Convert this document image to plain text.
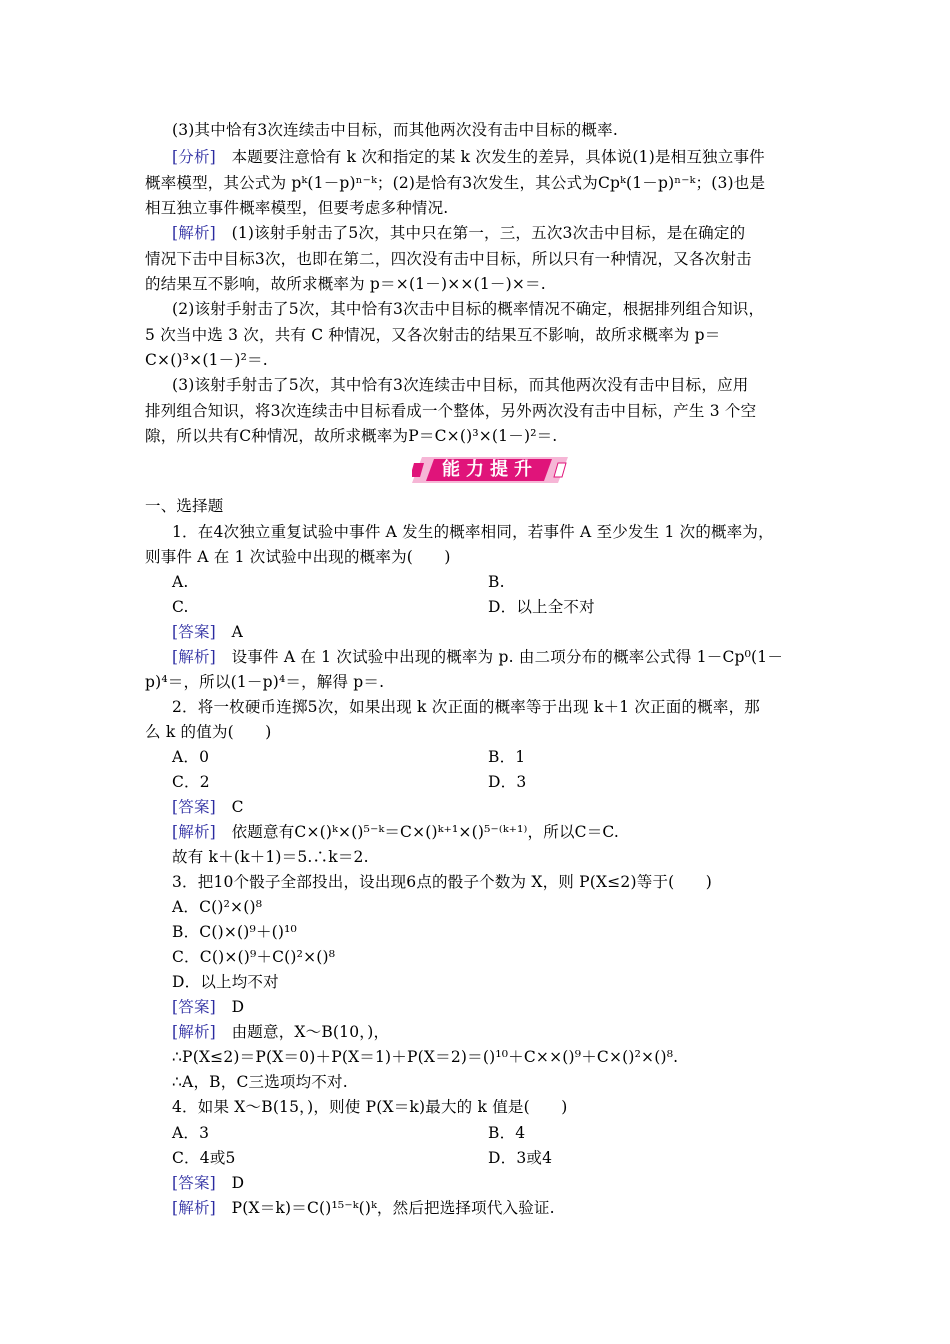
(3)其中恰有3次连续击中目标，而其他两次没有击中目标的概率.
[分析]　本题要注意恰有 k 次和指定的某 k 次发生的差异，具体说(1)是相互独立事件
概率模型，其公式为 pᵏ(1－p)ⁿ⁻ᵏ；(2)是恰有3次发生，其公式为Cpᵏ(1－p)ⁿ⁻ᵏ；(3)也是
相互独立事件概率模型，但要考虑多种情况.
[解析]　(1)该射手射击了5次，其中只在第一，三，五次3次击中目标，是在确定的
情况下击中目标3次，也即在第二，四次没有击中目标，所以只有一种情况，又各次射击
的结果互不影响，故所求概率为 p＝×(1－)××(1－)×＝.
(2)该射手射击了5次，其中恰有3次击中目标的概率情况不确定，根据排列组合知识，
5 次当中选 3 次，共有 C 种情况，又各次射击的结果互不影响，故所求概率为 p＝
C×()³×(1－)²＝.
(3)该射手射击了5次，其中恰有3次连续击中目标，而其他两次没有击中目标，应用
排列组合知识，将3次连续击中目标看成一个整体，另外两次没有击中目标，产生 3 个空
隙，所以共有C种情况，故所求概率为P＝C×()³×(1－)²＝.
能力提升
一、选择题
1．在4次独立重复试验中事件 A 发生的概率相同，若事件 A 至少发生 1 次的概率为，
则事件 A 在 1 次试验中出现的概率为(　　)
A.	B.
C.	D．以上全不对
[答案]　A
[解析]　设事件 A 在 1 次试验中出现的概率为 p. 由二项分布的概率公式得 1－Cp⁰(1－
p)⁴＝，所以(1－p)⁴＝，解得 p＝.
2．将一枚硬币连掷5次，如果出现 k 次正面的概率等于出现 k＋1 次正面的概率，那
么 k 的值为(　　)
A．0	B．1
C．2	D．3
[答案]　C
[解析]　依题意有C×()ᵏ×()⁵⁻ᵏ＝C×()ᵏ⁺¹×()⁵⁻⁽ᵏ⁺¹⁾，所以C＝C.
故有 k＋(k＋1)＝5.∴k＝2.
3．把10个骰子全部投出，设出现6点的骰子个数为 X，则 P(X≤2)等于(　　)
A．C()²×()⁸
B．C()×()⁹＋()¹⁰
C．C()×()⁹＋C()²×()⁸
D．以上均不对
[答案]　D
[解析]　由题意，X～B(10，)，
∴P(X≤2)＝P(X＝0)＋P(X＝1)＋P(X＝2)＝()¹⁰＋C××()⁹＋C×()²×()⁸.
∴A，B，C三选项均不对.
4．如果 X～B(15，)，则使 P(X＝k)最大的 k 值是(　　)
A．3	B．4
C．4或5	D．3或4
[答案]　D
[解析]　P(X＝k)＝C()¹⁵⁻ᵏ()ᵏ，然后把选择项代入验证.
